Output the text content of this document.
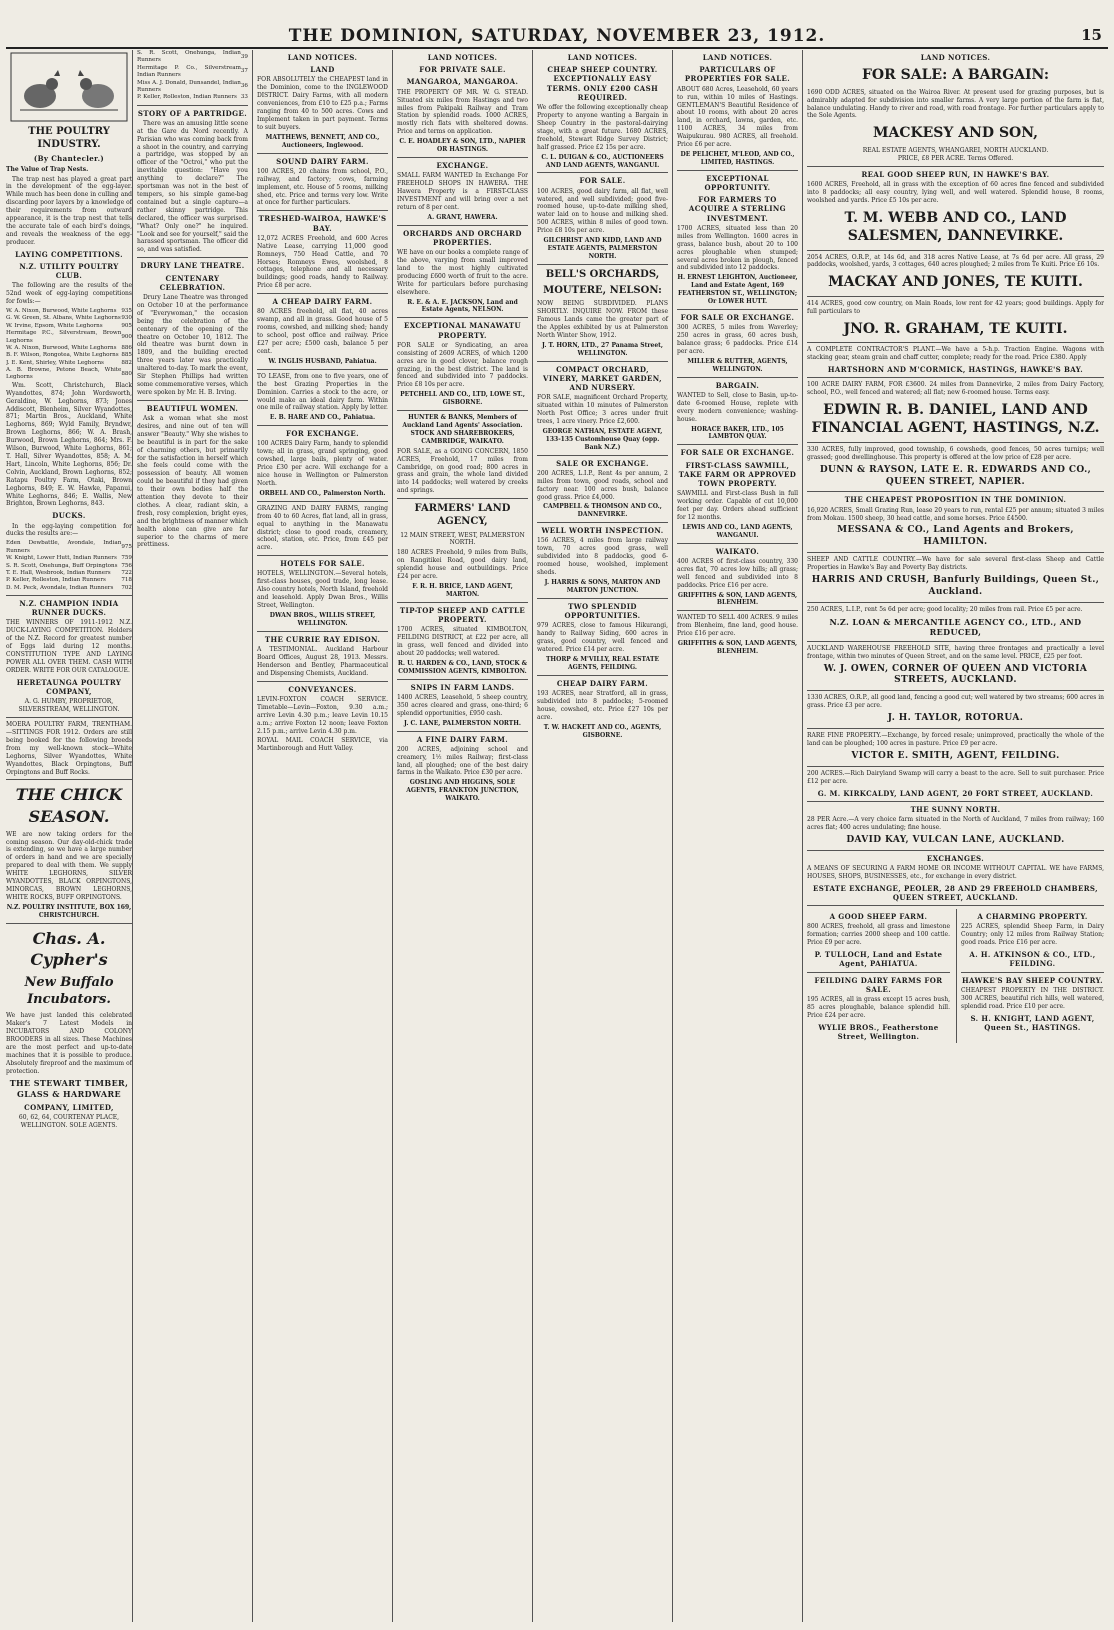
THE DOMINION, SATURDAY, NOVEMBER 23, 1912.	15
THE POULTRY INDUSTRY.
(By Chantecler.)
The Value of Trap Nests.
The trap nest has played a great part in the development of the egg-layer. While much has been done in culling and discarding poor layers by a knowledge of their requirements from outward appearance, it is the trap nest that tells the accurate tale of each bird's doings, and reveals the weakness of the egg-producer.
LAYING COMPETITIONS.
N.Z. UTILITY POULTRY CLUB.
The following are the results of the 52nd week of egg-laying competitions for fowls:—
W. A. Nixon, Burwood, White Leghorns	935
G. W. Green, St. Albans, White Leghorns	930
W. Irvine, Epsom, White Leghorns	905
Hermitage P.C., Silverstream, Brown Leghorns	900
W. A. Nixon, Burwood, White Leghorns	886
B. F. Wilson, Rongotea, White Leghorns	885
J. E. Kent, Shirley, White Leghorns	882
A. B. Browne, Petone Beach, White Leghorns	880
Wm. Scott, Christchurch, Black Wyandottes, 874; John Wordsworth, Geraldine, W. Leghorns, 873; Jones Addiscott, Blenheim, Silver Wyandottes, 871; Martin Bros., Auckland, White Leghorns, 869; Wyld Family, Bryndwr, Brown Leghorns, 866; W. A. Brash, Burwood, Brown Leghorns, 864; Mrs. F. Wilson, Burwood, White Leghorns, 861; T. Hall, Silver Wyandottes, 858; A. M. Hart, Lincoln, White Leghorns, 856; Dr. Colvin, Auckland, Brown Leghorns, 852; Ratapu Poultry Farm, Otaki, Brown Leghorns, 849; E. W. Hawke, Papanui, White Leghorns, 846; E. Wallis, New Brighton, Brown Leghorns, 843.
DUCKS.
In the egg-laying competition for ducks the results are:—
Eden Dewbattle, Avondale, Indian Runners	975
W. Knight, Lower Hutt, Indian Runners	759
S. R. Scott, Onehunga, Buff Orpingtons	756
T. E. Hall, Wesbrook, Indian Runners	722
P. Keller, Rolleston, Indian Runners	718
D. M. Peck, Avondale, Indian Runners	702
N.Z. CHAMPION INDIA RUNNER DUCKS.
THE WINNERS OF 1911-1912 N.Z. DUCK-LAYING COMPETITION. Holders of the N.Z. Record for greatest number of Eggs laid during 12 months. CONSTITUTION TYPE AND LAYING POWER ALL OVER THEM. CASH WITH ORDER. WRITE FOR OUR CATALOGUE.
HERETAUNGA POULTRY COMPANY,
A. G. HUMBY, PROPRIETOR, SILVERSTREAM, WELLINGTON.
MOERA POULTRY FARM, TRENTHAM.—SITTINGS FOR 1912. Orders are still being booked for the following breeds from my well-known stock—White Leghorns, Silver Wyandottes, White Wyandottes, Black Orpingtons, Buff Orpingtons and Buff Rocks.
THE CHICK SEASON.
WE are now taking orders for the coming season. Our day-old-chick trade is extending, so we have a large number of orders in hand and we are specially prepared to deal with them. We supply WHITE LEGHORNS, SILVER WYANDOTTES, BLACK ORPINGTONS, MINORCAS, BROWN LEGHORNS, WHITE ROCKS, BUFF ORPINGTONS.
N.Z. POULTRY INSTITUTE, BOX 169, CHRISTCHURCH.
Chas. A. Cypher's
New Buffalo Incubators.
We have just landed this celebrated Maker's 7 Latest Models in INCUBATORS AND COLONY BROODERS in all sizes. These Machines are the most perfect and up-to-date machines that it is possible to produce. Absolutely fireproof and the maximum of protection.
THE STEWART TIMBER, GLASS & HARDWARE
COMPANY, LIMITED,
60, 62, 64, COURTENAY PLACE, WELLINGTON. SOLE AGENTS.
S. R. Scott, Onehunga, Indian Runners	39
Hermitage P. Co., Silverstream Indian Runners	37
Miss A. J. Donald, Dunsandel, Indian Runners	36
P. Keller, Rolleston, Indian Runners	33
STORY OF A PARTRIDGE.
There was an amusing little scene at the Gare du Nord recently. A Parisian who was coming back from a shoot in the country, and carrying a partridge, was stopped by an officer of the "Octroi," who put the inevitable question: "Have you anything to declare?" The sportsman was not in the best of tempers, so his simple game-bag contained but a single capture—a rather skinny partridge. This declared, the officer was surprised. "What? Only one?" he inquired. "Look and see for yourself," said the harassed sportsman. The officer did so, and was satisfied.
DRURY LANE THEATRE.
CENTENARY CELEBRATION.
Drury Lane Theatre was thronged on October 10 at the performance of "Everywoman," the occasion being the celebration of the centenary of the opening of the theatre on October 10, 1812. The old theatre was burnt down in 1809, and the building erected three years later was practically unaltered to-day. To mark the event, Sir Stephen Phillips had written some commemorative verses, which were spoken by Mr. H. B. Irving.
BEAUTIFUL WOMEN.
Ask a woman what she most desires, and nine out of ten will answer "Beauty." Why she wishes to be beautiful is in part for the sake of charming others, but primarily for the satisfaction in herself which she feels could come with the possession of beauty. All women could be beautiful if they had given to their own bodies half the attention they devote to their clothes. A clear, radiant skin, a fresh, rosy complexion, bright eyes, and the brightness of manner which health alone can give are far superior to the charms of mere prettiness.
LAND NOTICES.
LAND
FOR ABSOLUTELY the CHEAPEST land in the Dominion, come to the INGLEWOOD DISTRICT. Dairy Farms, with all modern conveniences, from £10 to £25 p.a.; Farms ranging from 40 to 500 acres. Cows and Implement taken in part payment. Terms to suit buyers.
MATTHEWS, BENNETT, AND CO., Auctioneers, Inglewood.
SOUND DAIRY FARM.
100 ACRES, 20 chains from school, P.O., railway, and factory; cows, farming implement, etc. House of 5 rooms, milking shed, etc. Price and terms very low. Write at once for further particulars.
TRESHED-WAIROA, HAWKE'S BAY.
12,072 ACRES Freehold, and 600 Acres Native Lease, carrying 11,000 good Romneys, 750 Head Cattle, and 70 Horses; Romneys Ewes, woolshed, 8 cottages, telephone and all necessary buildings; good roads, handy to Railway. Price £8 per acre.
A CHEAP DAIRY FARM.
80 ACRES freehold, all flat, 40 acres swamp, and all in grass. Good house of 5 rooms, cowshed, and milking shed; handy to school, post office and railway. Price £27 per acre; £500 cash, balance 5 per cent.
W. INGLIS HUSBAND, Pahiatua.
TO LEASE, from one to five years, one of the best Grazing Properties in the Dominion. Carries a stock to the acre, or would make an ideal dairy farm. Within one mile of railway station. Apply by letter.
E. B. HARE AND CO., Pahiatua.
FOR EXCHANGE.
100 ACRES Dairy Farm, handy to splendid town; all in grass, grand springing, good cowshed, large bails, plenty of water. Price £30 per acre. Will exchange for a nice house in Wellington or Palmerston North.
ORBELL AND CO., Palmerston North.
GRAZING AND DAIRY FARMS, ranging from 40 to 60 Acres, flat land, all in grass, equal to anything in the Manawatu district; close to good roads, creamery, school, station, etc. Price, from £45 per acre.
HOTELS FOR SALE.
HOTELS, WELLINGTON.—Several hotels, first-class houses, good trade, long lease. Also country hotels, North Island, freehold and leasehold. Apply Dwan Bros., Willis Street, Wellington.
DWAN BROS., WILLIS STREET, WELLINGTON.
THE CURRIE RAY EDISON.
A TESTIMONIAL. Auckland Harbour Board Offices, August 28, 1913. Messrs. Henderson and Bentley, Pharmaceutical and Dispensing Chemists, Auckland.
CONVEYANCES.
LEVIN-FOXTON COACH SERVICE. Timetable—Levin—Foxton, 9.30 a.m.; arrive Levin 4.30 p.m.; leave Levin 10.15 a.m.; arrive Foxton 12 noon; leave Foxton 2.15 p.m.; arrive Levin 4.30 p.m.
ROYAL MAIL COACH SERVICE, via Martinborough and Hutt Valley.
LAND NOTICES.
FOR PRIVATE SALE.
MANGAROA, MANGAROA.
THE PROPERTY OF MR. W. G. STEAD. Situated six miles from Hastings and two miles from Pakipaki Railway and Tram Station by splendid roads. 1000 ACRES, mostly rich flats with sheltered downs. Price and terms on application.
C. E. HOADLEY & SON, LTD., NAPIER OR HASTINGS.
EXCHANGE.
SMALL FARM WANTED In Exchange For FREEHOLD SHOPS IN HAWERA. THE Hawera Property is a FIRST-CLASS INVESTMENT and will bring over a net return of 8 per cent.
A. GRANT, HAWERA.
ORCHARDS AND ORCHARD PROPERTIES.
WE have on our books a complete range of the above, varying from small improved land to the most highly cultivated producing £600 worth of fruit to the acre. Write for particulars before purchasing elsewhere.
R. E. & A. E. JACKSON, Land and Estate Agents, NELSON.
EXCEPTIONAL MANAWATU PROPERTY.
FOR SALE or Syndicating, an area consisting of 2609 ACRES, of which 1200 acres are in good clover, balance rough grazing, in the best district. The land is fenced and subdivided into 7 paddocks. Price £8 10s per acre.
PETCHELL AND CO., LTD, LOWE ST., GISBORNE.
HUNTER & BANKS, Members of Auckland Land Agents' Association. STOCK AND SHAREBROKERS, CAMBRIDGE, WAIKATO.
FOR SALE, as a GOING CONCERN, 1850 ACRES, Freehold, 17 miles from Cambridge, on good road; 800 acres in grass and grain, the whole land divided into 14 paddocks; well watered by creeks and springs.
FARMERS' LAND AGENCY,
12 MAIN STREET, WEST, PALMERSTON NORTH.
180 ACRES Freehold, 9 miles from Bulls, on Rangitikei Road, good dairy land, splendid house and outbuildings. Price £24 per acre.
F. R. H. BRICE, LAND AGENT, MARTON.
TIP-TOP SHEEP AND CATTLE PROPERTY.
1700 ACRES, situated KIMBOLTON, FEILDING DISTRICT, at £22 per acre, all in grass, well fenced and divided into about 20 paddocks; well watered.
R. U. HARDEN & CO., LAND, STOCK & COMMISSION AGENTS, KIMBOLTON.
SNIPS IN FARM LANDS.
1400 ACRES, Leasehold, 5 sheep country, 350 acres cleared and grass, one-third; 6 splendid opportunities, £950 cash.
J. C. LANE, PALMERSTON NORTH.
A FINE DAIRY FARM.
200 ACRES, adjoining school and creamery, 1½ miles Railway; first-class land, all ploughed; one of the best dairy farms in the Waikato. Price £30 per acre.
GOSLING AND HIGGINS, SOLE AGENTS, FRANKTON JUNCTION, WAIKATO.
LAND NOTICES.
CHEAP SHEEP COUNTRY. EXCEPTIONALLY EASY TERMS. ONLY £200 CASH REQUIRED.
We offer the following exceptionally cheap Property to anyone wanting a Bargain in Sheep Country in the pastoral-dairying stage, with a great future. 1680 ACRES, freehold, Stewart Ridge Survey District; half grassed. Price £2 15s per acre.
C. L. DUIGAN & CO., AUCTIONEERS AND LAND AGENTS, WANGANUI.
FOR SALE.
100 ACRES, good dairy farm, all flat, well watered, and well subdivided; good five-roomed house, up-to-date milking shed, water laid on to house and milking shed. 500 ACRES, within 8 miles of good town. Price £8 10s per acre.
GILCHRIST AND KIDD, LAND AND ESTATE AGENTS, PALMERSTON NORTH.
BELL'S ORCHARDS,
MOUTERE, NELSON:
NOW BEING SUBDIVIDED. PLANS SHORTLY. INQUIRE NOW. FROM these Famous Lands came the greater part of the Apples exhibited by us at Palmerston North Winter Show, 1912.
J. T. HORN, LTD., 27 Panama Street, WELLINGTON.
COMPACT ORCHARD, VINERY, MARKET GARDEN, AND NURSERY.
FOR SALE, magnificent Orchard Property, situated within 10 minutes of Palmerston North Post Office; 3 acres under fruit trees, 1 acre vinery. Price £2,600.
GEORGE NATHAN, ESTATE AGENT, 133-135 Customhouse Quay (opp. Bank N.Z.)
SALE OR EXCHANGE.
200 ACRES, L.I.P., Rent 4s per annum, 2 miles from town, good roads, school and factory near. 100 acres bush, balance good grass. Price £4,000.
CAMPBELL & THOMSON AND CO., DANNEVIRKE.
WELL WORTH INSPECTION.
156 ACRES, 4 miles from large railway town, 70 acres good grass, well subdivided into 8 paddocks, good 6-roomed house, woolshed, implement sheds.
J. HARRIS & SONS, MARTON AND MARTON JUNCTION.
TWO SPLENDID OPPORTUNITIES.
979 ACRES, close to famous Hikurangi, handy to Railway Siding, 600 acres in grass, good country, well fenced and watered. Price £14 per acre.
THORP & M'VILLY, REAL ESTATE AGENTS, FEILDING.
CHEAP DAIRY FARM.
193 ACRES, near Stratford, all in grass, subdivided into 8 paddocks; 5-roomed house, cowshed, etc. Price £27 10s per acre.
T. W. HACKETT AND CO., AGENTS, GISBORNE.
LAND NOTICES.
PARTICULARS OF PROPERTIES FOR SALE.
ABOUT 680 Acres, Leasehold, 60 years to run, within 10 miles of Hastings. GENTLEMAN'S Beautiful Residence of about 10 rooms, with about 20 acres land, in orchard, lawns, garden, etc. 1100 ACRES, 34 miles from Waipukurau. 980 ACRES, all freehold. Price £6 per acre.
DE PELICHET, M'LEOD, AND CO., LIMITED, HASTINGS.
EXCEPTIONAL OPPORTUNITY.
FOR FARMERS TO ACQUIRE A STERLING INVESTMENT.
1700 ACRES, situated less than 20 miles from Wellington. 1600 acres in grass, balance bush, about 20 to 100 acres ploughable when stumped; several acres broken in plough, fenced and subdivided into 12 paddocks.
H. ERNEST LEIGHTON, Auctioneer, Land and Estate Agent, 169 FEATHERSTON ST., WELLINGTON; Or LOWER HUTT.
FOR SALE OR EXCHANGE.
300 ACRES, 5 miles from Waverley; 250 acres in grass, 60 acres bush, balance grass; 6 paddocks. Price £14 per acre.
MILLER & RUTTER, AGENTS, WELLINGTON.
BARGAIN.
WANTED to Sell, close to Basin, up-to-date 6-roomed House, replete with every modern convenience; washing-house.
HORACE BAKER, LTD., 105 LAMBTON QUAY.
FOR SALE OR EXCHANGE.
FIRST-CLASS SAWMILL, TAKE FARM OR APPROVED TOWN PROPERTY.
SAWMILL and First-class Bush in full working order. Capable of cut 10,000 feet per day. Orders ahead sufficient for 12 months.
LEWIS AND CO., LAND AGENTS, WANGANUI.
WAIKATO.
400 ACRES of first-class country, 330 acres flat, 70 acres low hills; all grass; well fenced and subdivided into 8 paddocks. Price £16 per acre.
GRIFFITHS & SON, LAND AGENTS, BLENHEIM.
WANTED TO SELL 400 ACRES. 9 miles from Blenheim, fine land, good house. Price £16 per acre.
GRIFFITHS & SON, LAND AGENTS, BLENHEIM.
LAND NOTICES.
FOR SALE: A BARGAIN:
1690 ODD ACRES, situated on the Wairoa River. At present used for grazing purposes, but is admirably adapted for subdivision into smaller farms. A very large portion of the farm is flat, balance undulating. Handy to river and road, with road frontage. For further particulars apply to the Sole Agents.
MACKESY AND SON,
REAL ESTATE AGENTS, WHANGAREI, NORTH AUCKLAND.
PRICE, £8 PER ACRE. Terms Offered.
REAL GOOD SHEEP RUN, IN HAWKE'S BAY.
1600 ACRES, Freehold, all in grass with the exception of 60 acres fine fenced and subdivided into 8 paddocks; all easy country, lying well, and well watered. Splendid house, 8 rooms, woolshed and yards. Price £5 10s per acre.
T. M. WEBB AND CO., LAND SALESMEN, DANNEVIRKE.
2054 ACRES, O.R.P., at 14s 6d, and 318 acres Native Lease, at 7s 6d per acre. All grass, 29 paddocks, woolshed, yards, 3 cottages, 640 acres ploughed; 2 miles from Te Kuiti. Price £6 10s.
MACKAY AND JONES, TE KUITI.
414 ACRES, good cow country, on Main Roads, low rent for 42 years; good buildings. Apply for full particulars to
JNO. R. GRAHAM, TE KUITI.
A COMPLETE CONTRACTOR'S PLANT.—We have a 5-h.p. Traction Engine. Wagons with stacking gear, steam grain and chaff cutter, complete; ready for the road. Price £380. Apply
HARTSHORN AND M'CORMICK, HASTINGS, HAWKE'S BAY.
100 ACRE DAIRY FARM, FOR £3600. 24 miles from Dannevirke, 2 miles from Dairy Factory, school, P.O., well fenced and watered; all flat; new 6-roomed house. Terms easy.
EDWIN R. B. DANIEL, LAND AND FINANCIAL AGENT, HASTINGS, N.Z.
330 ACRES, fully improved, good township, 6 cowsheds, good fences, 50 acres turnips; well grassed; good dwellinghouse. This property is offered at the low price of £28 per acre.
DUNN & RAYSON, LATE E. R. EDWARDS AND CO., QUEEN STREET, NAPIER.
THE CHEAPEST PROPOSITION IN THE DOMINION.
16,920 ACRES, Small Grazing Run, lease 20 years to run, rental £25 per annum; situated 3 miles from Mokau. 1500 sheep, 30 head cattle, and some horses. Price £4500.
MESSANA & CO., Land Agents and Brokers, HAMILTON.
SHEEP AND CATTLE COUNTRY.—We have for sale several first-class Sheep and Cattle Properties in Hawke's Bay and Poverty Bay districts.
HARRIS AND CRUSH, Banfurly Buildings, Queen St., Auckland.
250 ACRES, L.I.P., rent 5s 6d per acre; good locality; 20 miles from rail. Price £5 per acre.
N.Z. LOAN & MERCANTILE AGENCY CO., LTD., AND REDUCED,
AUCKLAND WAREHOUSE FREEHOLD SITE, having three frontages and practically a level frontage, within two minutes of Queen Street, and on the same level. PRICE, £25 per foot.
W. J. OWEN, CORNER OF QUEEN AND VICTORIA STREETS, AUCKLAND.
1330 ACRES, O.R.P., all good land, fencing a good cut; well watered by two streams; 600 acres in grass. Price £3 per acre.
J. H. TAYLOR, ROTORUA.
RARE FINE PROPERTY.—Exchange, by forced resale; unimproved, practically the whole of the land can be ploughed; 100 acres in pasture. Price £9 per acre.
VICTOR E. SMITH, AGENT, FEILDING.
200 ACRES.—Rich Dairyland Swamp will carry a beast to the acre. Sell to suit purchaser. Price £12 per acre.
G. M. KIRKCALDY, LAND AGENT, 20 FORT STREET, AUCKLAND.
THE SUNNY NORTH.
28 PER Acre.—A very choice farm situated in the North of Auckland, 7 miles from railway; 160 acres flat; 400 acres undulating; fine house.
DAVID KAY, VULCAN LANE, AUCKLAND.
EXCHANGES.
A MEANS OF SECURING A FARM HOME OR INCOME WITHOUT CAPITAL. WE have FARMS, HOUSES, SHOPS, BUSINESSES, etc., for exchange in every district.
ESTATE EXCHANGE, PEOLER, 28 AND 29 FREEHOLD CHAMBERS, QUEEN STREET, AUCKLAND.
A GOOD SHEEP FARM.
800 ACRES, freehold, all grass and limestone formation; carries 2000 sheep and 100 cattle. Price £9 per acre.
P. TULLOCH, Land and Estate Agent, PAHIATUA.
FEILDING DAIRY FARMS FOR SALE.
195 ACRES, all in grass except 15 acres bush, 85 acres ploughable, balance splendid hill. Price £24 per acre.
WYLIE BROS., Featherstone Street, Wellington.
A CHARMING PROPERTY.
225 ACRES, splendid Sheep Farm, in Dairy Country; only 12 miles from Railway Station; good roads. Price £16 per acre.
A. H. ATKINSON & CO., LTD., FEILDING.
HAWKE'S BAY SHEEP COUNTRY.
CHEAPEST PROPERTY IN THE DISTRICT. 300 ACRES, beautiful rich hills, well watered, splendid road. Price £10 per acre.
S. H. KNIGHT, LAND AGENT, Queen St., HASTINGS.
